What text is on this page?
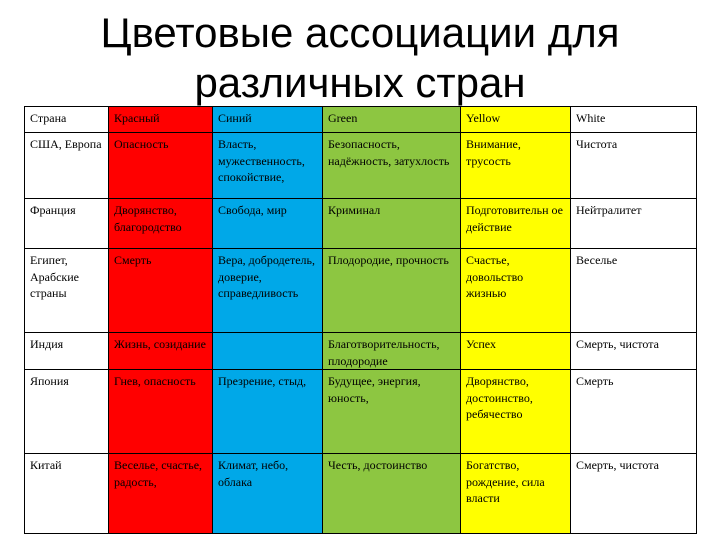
Цветовые ассоциации для
различных стран
Страна	Красный	Синий	Green	Yellow	White
США, Европа	Опасность	Власть, мужественность, спокойствие,	Безопасность, надёжность, затухлость	Внимание, трусость	Чистота
Франция	Дворянство, благородство	Свобода, мир	Криминал	Подготовительн ое действие	Нейтралитет
Египет, Арабские страны	Смерть	Вера, добродетель, доверие, справедливость	Плодородие, прочность	Счастье, довольство жизнью	Веселье
Индия	Жизнь, созидание		Благотворительность, плодородие	Успех	Смерть, чистота
Япония	Гнев, опасность	Презрение, стыд,	Будущее, энергия, юность,	Дворянство, достоинство, ребячество	Смерть
Китай	Веселье, счастье, радость,	Климат, небо, облака	Честь, достоинство	Богатство, рождение, сила власти	Смерть, чистота
